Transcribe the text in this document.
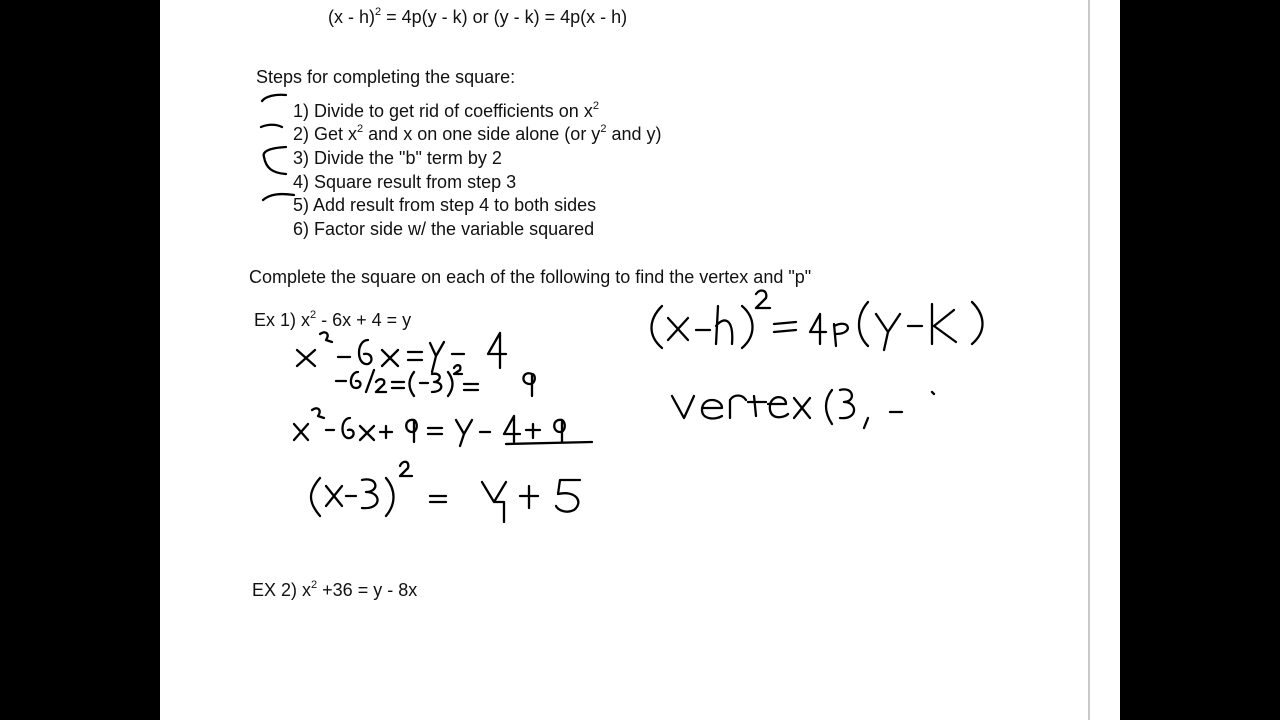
(x - h)$^2$ = 4p(y - k) or (y - k) = 4p(x - h)
Steps for completing the square:
1) Divide to get rid of coefficients on $x^2$
2) Get $x^2$ and x on one side alone (or $y^2$ and y)
3) Divide the "b" term by 2
4) Square result from step 3
5) Add result from step 4 to both sides
6) Factor side w/ the variable squared
Complete the square on each of the following to find the vertex and "p"
Ex 1) $x^2 - 6x + 4 = y$
EX 2) $x^2 +36 = y - 8x$
